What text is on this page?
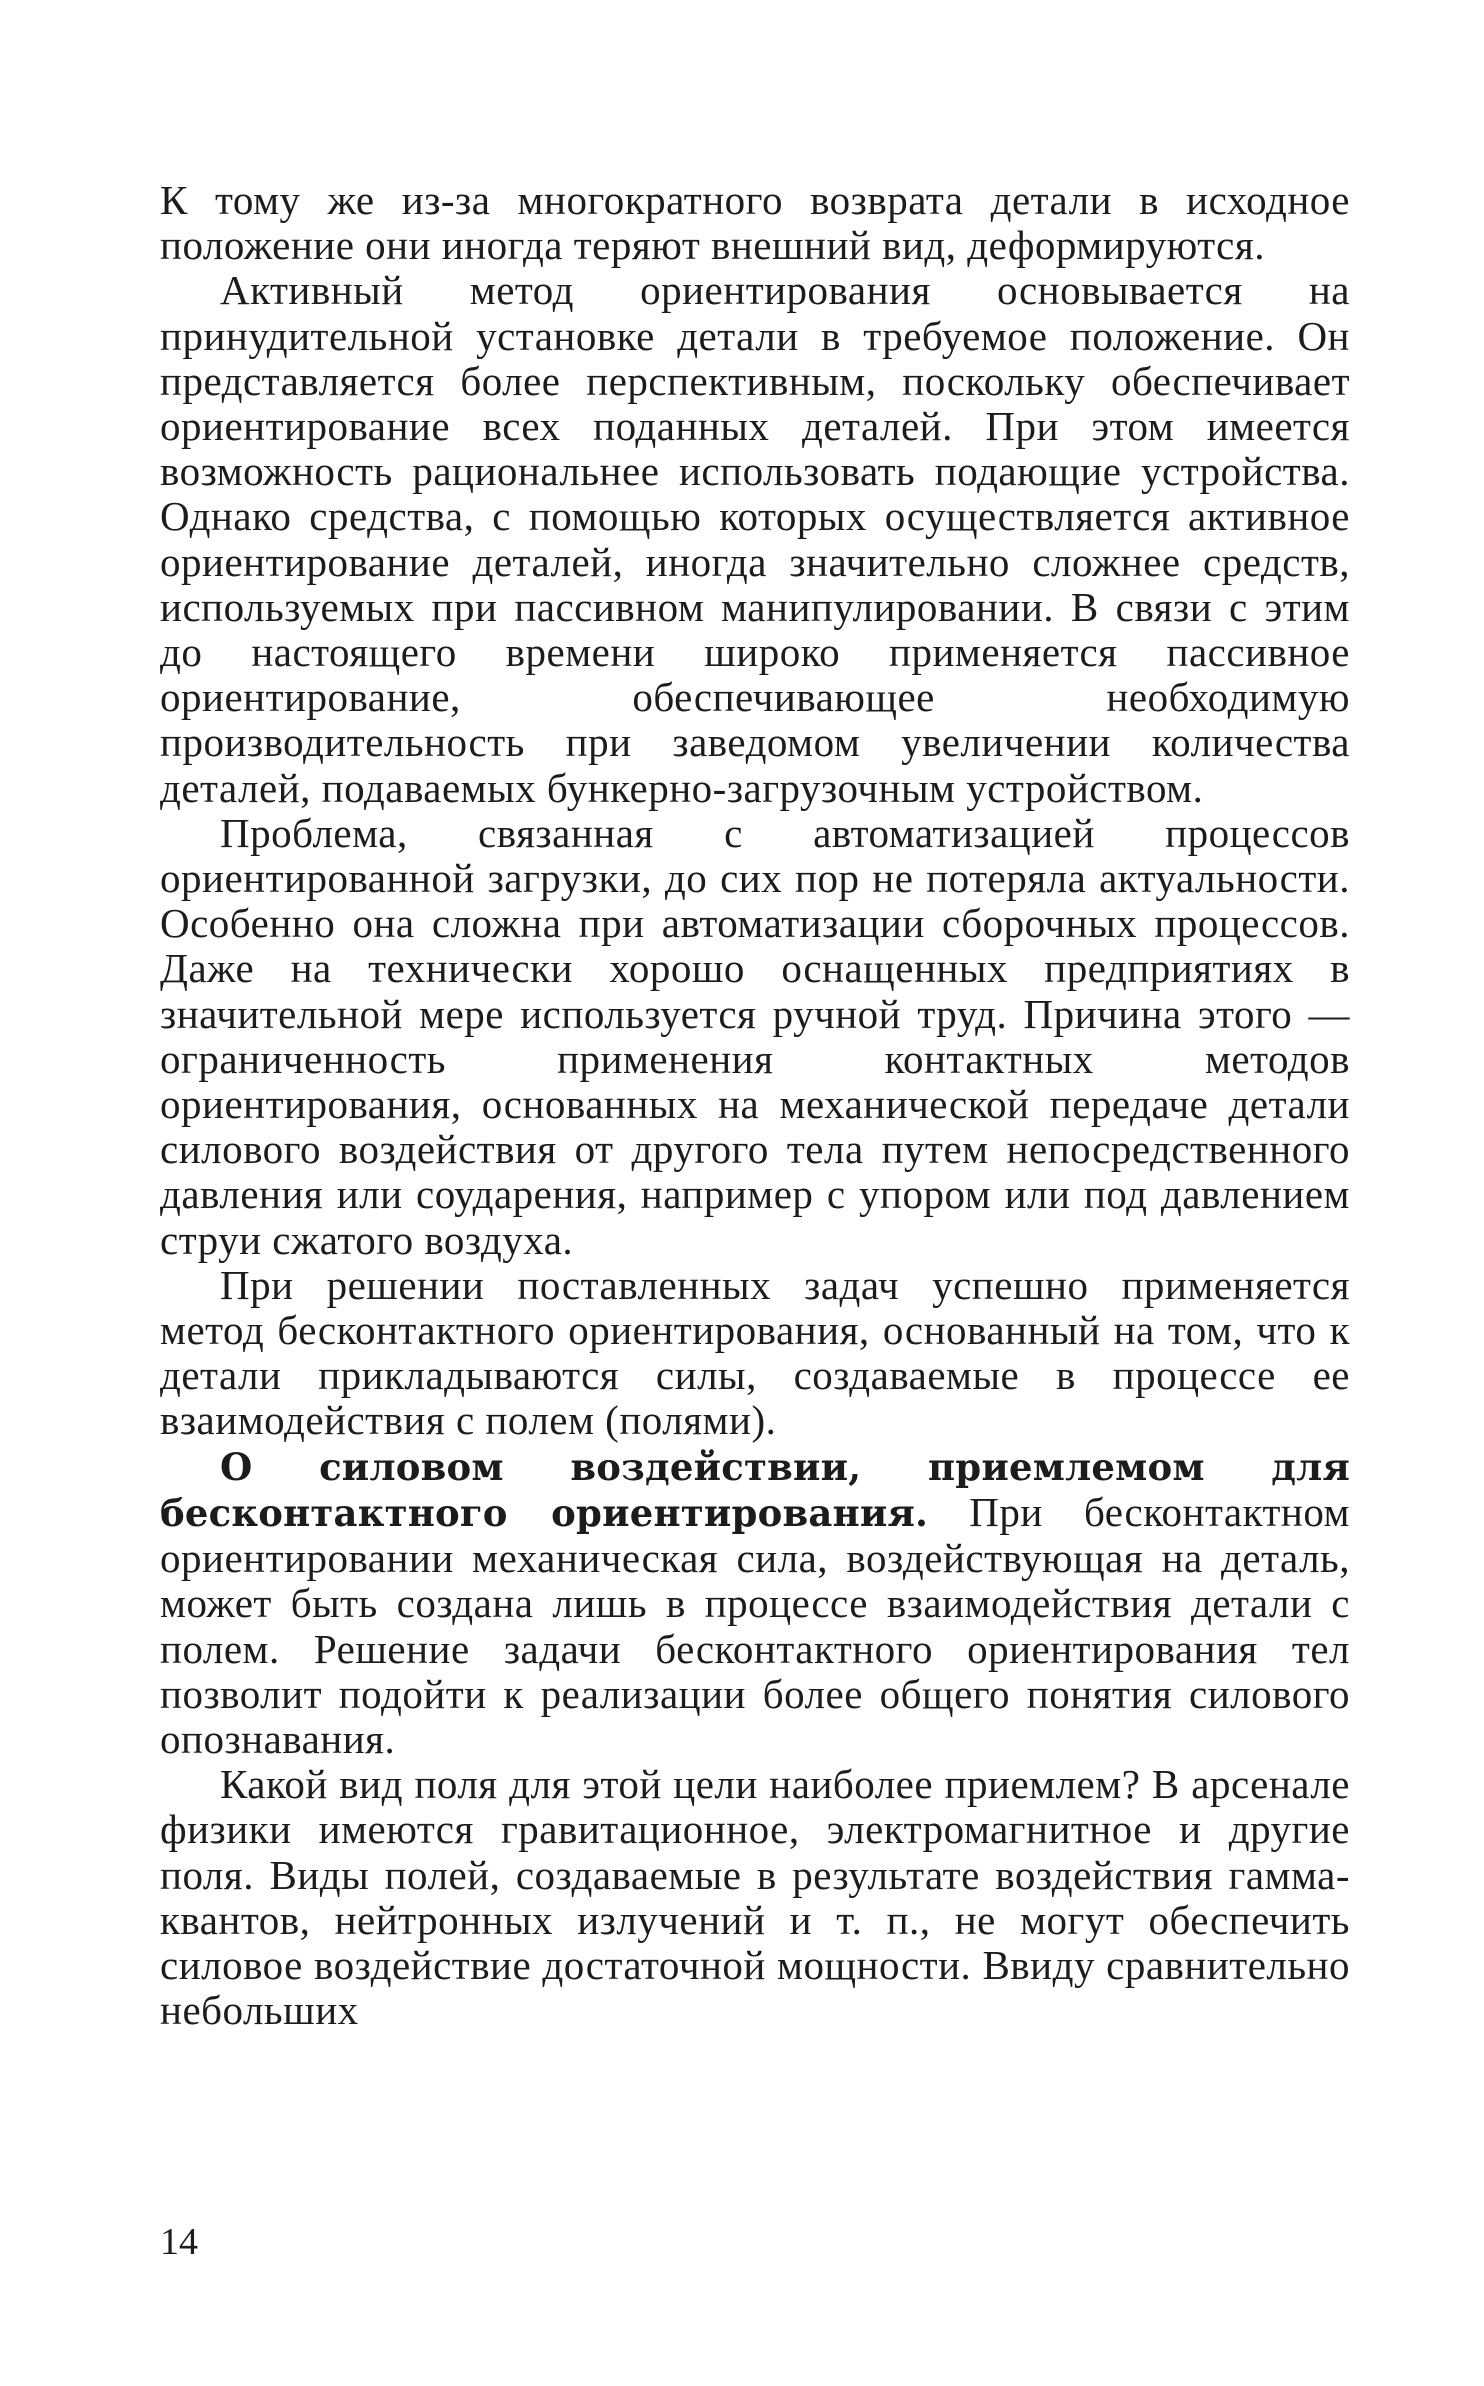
К тому же из-за многократного возврата детали в исходное положение они иногда теряют внешний вид, деформируются.

Активный метод ориентирования основывается на принудительной установке детали в требуемое положение. Он представляется более перспективным, поскольку обеспечивает ориентирование всех поданных деталей. При этом имеется возможность рациональнее использовать подающие устройства. Однако средства, с помощью которых осуществляется активное ориентирование деталей, иногда значительно сложнее средств, используемых при пассивном манипулировании. В связи с этим до настоящего времени широко применяется пассивное ориентирование, обеспечивающее необходимую производительность при заведомом увеличении количества деталей, подаваемых бункерно-загрузочным устройством.

Проблема, связанная с автоматизацией процессов ориентированной загрузки, до сих пор не потеряла актуальности. Особенно она сложна при автоматизации сборочных процессов. Даже на технически хорошо оснащенных предприятиях в значительной мере используется ручной труд. Причина этого — ограниченность применения контактных методов ориентирования, основанных на механической передаче детали силового воздействия от другого тела путем непосредственного давления или соударения, например с упором или под давлением струи сжатого воздуха.

При решении поставленных задач успешно применяется метод бесконтактного ориентирования, основанный на том, что к детали прикладываются силы, создаваемые в процессе ее взаимодействия с полем (полями).

О силовом воздействии, приемлемом для бесконтактного ориентирования. При бесконтактном ориентировании механическая сила, воздействующая на деталь, может быть создана лишь в процессе взаимодействия детали с полем. Решение задачи бесконтактного ориентирования тел позволит подойти к реализации более общего понятия силового опознавания.

Какой вид поля для этой цели наиболее приемлем? В арсенале физики имеются гравитационное, электромагнитное и другие поля. Виды полей, создаваемые в результате воздействия гамма-квантов, нейтронных излучений и т. п., не могут обеспечить силовое воздействие достаточной мощности. Ввиду сравнительно небольших

14
